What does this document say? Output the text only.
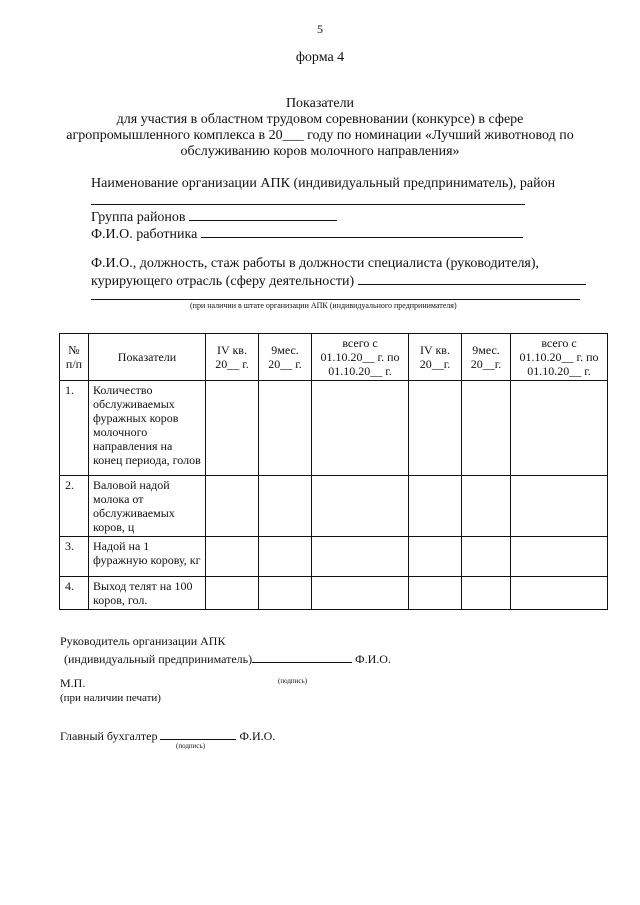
5
форма 4
Показатели
для участия в областном трудовом соревновании (конкурсе) в сфере
агропромышленного комплекса в 20___ году по номинации «Лучший животновод по
обслуживанию коров молочного направления»
Наименование организации АПК (индивидуальный предприниматель), район
Группа районов
Ф.И.О. работника
Ф.И.О., должность, стаж работы в должности специалиста (руководителя),
курирующего отрасль (сферу деятельности)
(при наличии в штате организации АПК (индивидуального предпринимателя)
№ п/п	Показатели	IV кв. 20__ г.	9мес. 20__ г.	всего с 01.10.20__ г. по 01.10.20__ г.	IV кв. 20__г.	9мес. 20__г.	всего с 01.10.20__ г. по 01.10.20__ г.
1.	Количество обслуживаемых фуражных коров молочного направления на конец периода, голов						
2.	Валовой надой молока от обслуживаемых коров, ц						
3.	Надой на 1 фуражную корову, кг						
4.	Выход телят на 100 коров, гол.						
Руководитель организации АПК
(индивидуальный предприниматель)	Ф.И.О.
(подпись)
М.П.
(при наличии печати)
Главный бухгалтер	Ф.И.О.
(подпись)
